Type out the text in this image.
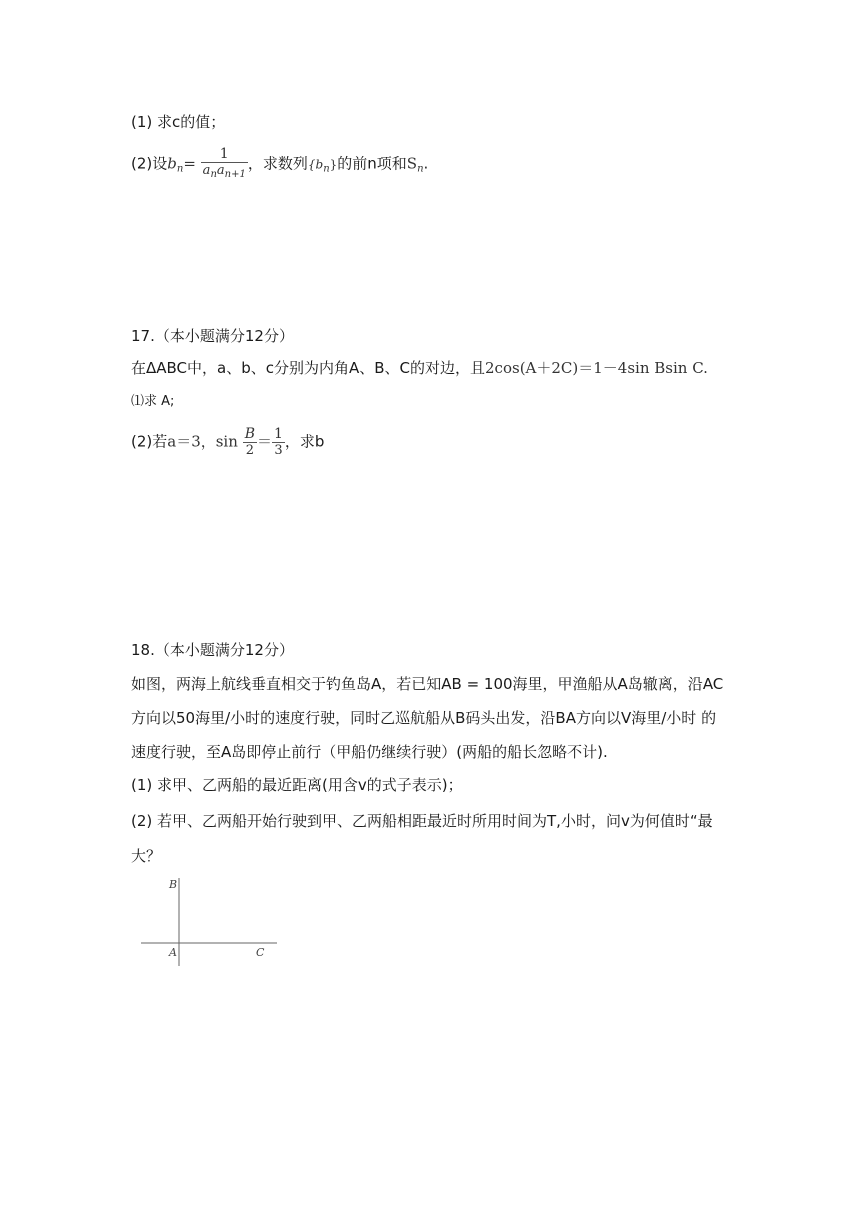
(1) 求c的值；
(2)设$b_n= \frac{1}{a_na_{n+1}}$ ，求数列$\{b_n\}$的前n项和$S_n$.
17.（本小题满分12分）
在ΔABC中，a、b、c分别为内角A、B、C的对边，且2cos(A＋2C)＝1－4sin Bsin C.
⑴求 A;
(2)若a＝3，$\sin \frac{B}{2} = \frac{1}{3}$ ，求b
18.（本小题满分12分）
如图，两海上航线垂直相交于钓鱼岛A，若已知AB = 100海里，甲渔船从A岛辙离，沿AC
方向以50海里/小时的速度行驶，同时乙巡航船从B码头出发，沿BA方向以V海里/小时 的
速度行驶，至A岛即停止前行（甲船仍继续行驶）(两船的船长忽略不计).
(1) 求甲、乙两船的最近距离(用含v的式子表示)；
(2) 若甲、乙两船开始行驶到甲、乙两船相距最近时所用时间为T,小时，问v为何值时“最
大？
B
A	C
